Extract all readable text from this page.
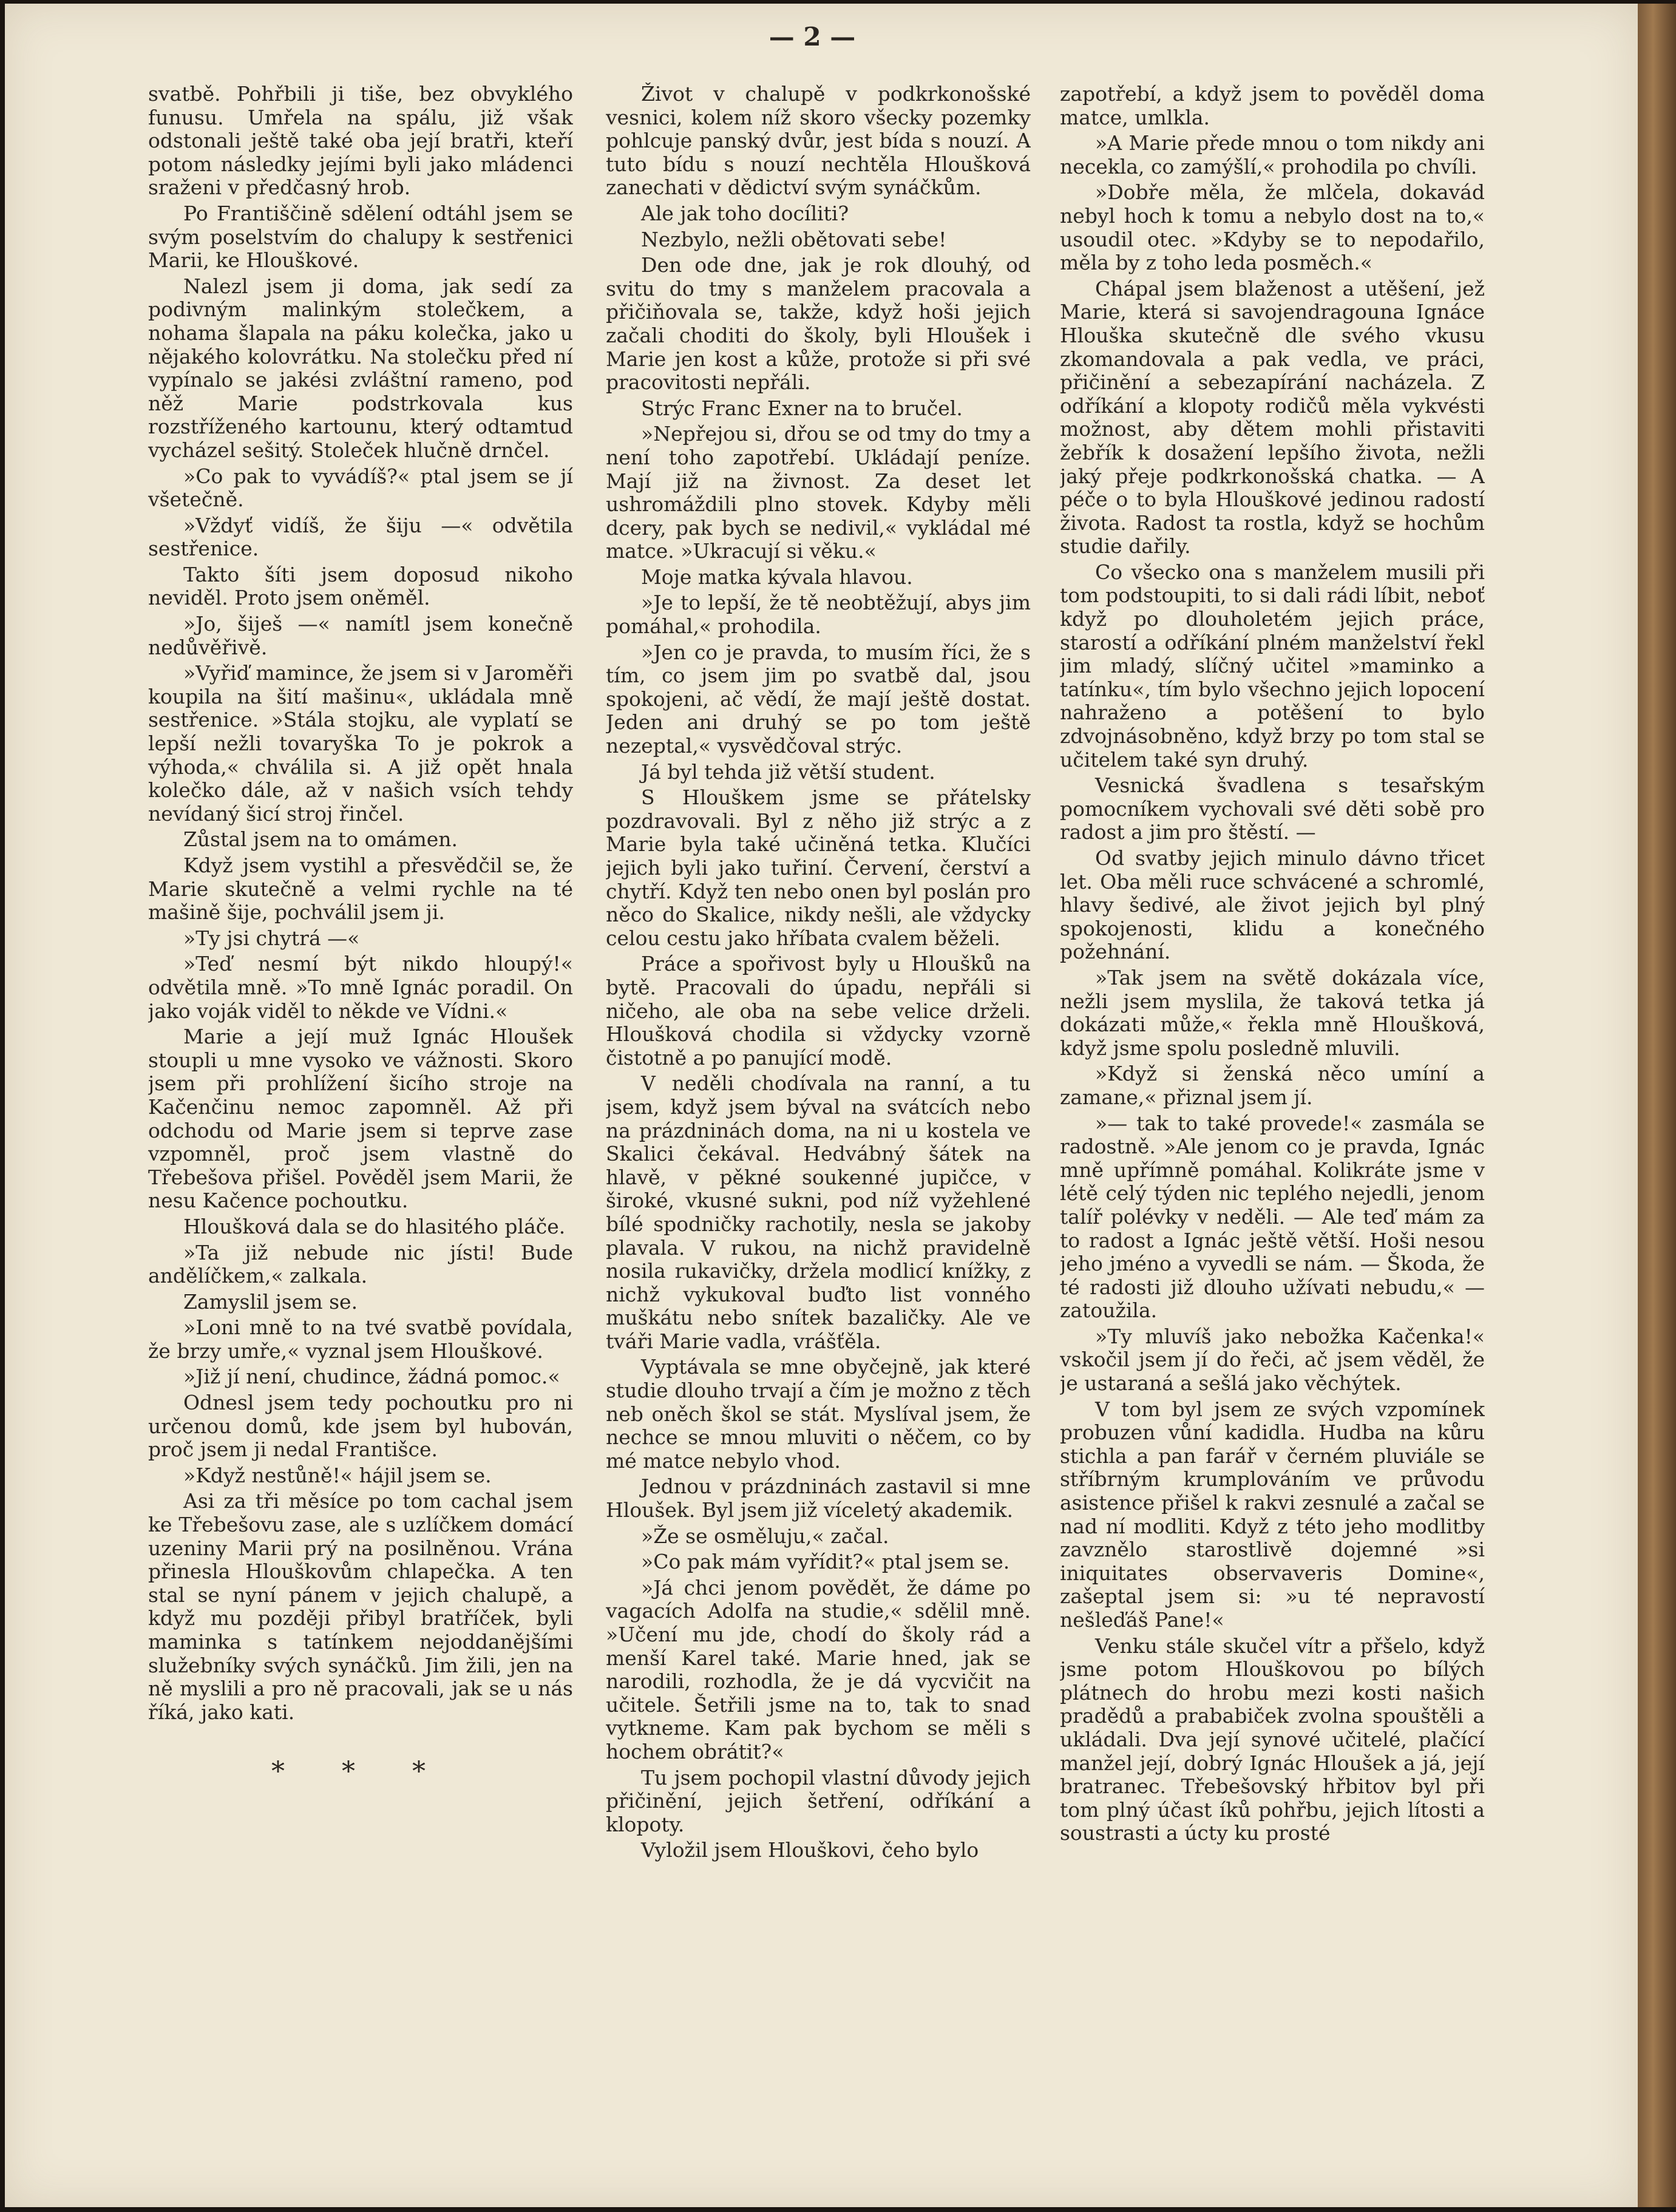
— 2 —

svatbě. Pohřbili ji tiše, bez obvyklého funusu. Umřela na spálu, již však odstonali ještě také oba její bratři, kteří potom následky jejími byli jako mládenci sraženi v předčasný hrob.

Po Františčině sdělení odtáhl jsem se svým poselstvím do chalupy k sestřenici Marii, ke Hlouškové.

Nalezl jsem ji doma, jak sedí za podivným malinkým stolečkem, a nohama šlapala na páku kolečka, jako u nějakého kolovrátku. Na stolečku před ní vypínalo se jakési zvláštní rameno, pod něž Marie podstrkovala kus rozstříženého kartounu, který odtamtud vycházel sešitý. Stoleček hlučně drnčel.

»Co pak to vyvádíš?« ptal jsem se jí všetečně.

»Vždyť vidíš, že šiju —« odvětila sestřenice.

Takto šíti jsem doposud nikoho neviděl. Proto jsem oněměl.

»Jo, šiješ —« namítl jsem konečně nedůvěřivě.

»Vyřiď mamince, že jsem si v Jaroměři koupila na šití mašinu«, ukládala mně sestřenice. »Stála stojku, ale vyplatí se lepší nežli tovaryška To je pokrok a výhoda,« chválila si. A již opět hnala kolečko dále, až v našich vsích tehdy nevídaný šicí stroj řinčel.

Zůstal jsem na to omámen.

Když jsem vystihl a přesvědčil se, že Marie skutečně a velmi rychle na té mašině šije, pochválil jsem ji.

»Ty jsi chytrá —«

»Teď nesmí být nikdo hloupý!« odvětila mně. »To mně Ignác poradil. On jako voják viděl to někde ve Vídni.«

Marie a její muž Ignác Hloušek stoupli u mne vysoko ve vážnosti. Skoro jsem při prohlížení šicího stroje na Kačenčinu nemoc zapomněl. Až při odchodu od Marie jsem si teprve zase vzpomněl, proč jsem vlastně do Třebešova přišel. Pověděl jsem Marii, že nesu Kačence pochoutku.

Hloušková dala se do hlasitého pláče.

»Ta již nebude nic jísti! Bude andělíčkem,« zalkala.

Zamyslil jsem se.

»Loni mně to na tvé svatbě povídala, že brzy umře,« vyznal jsem Hlouškové.

»Již jí není, chudince, žádná pomoc.«

Odnesl jsem tedy pochoutku pro ni určenou domů, kde jsem byl hubován, proč jsem ji nedal Františce.

»Když nestůně!« hájil jsem se.

Asi za tři měsíce po tom cachal jsem ke Třebešovu zase, ale s uzlíčkem domácí uzeniny Marii prý na posilněnou. Vrána přinesla Hlouškovům chlapečka. A ten stal se nyní pánem v jejich chalupě, a když mu později přibyl bratříček, byli maminka s tatínkem nejoddanějšími služebníky svých synáčků. Jim žili, jen na ně myslili a pro ně pracovali, jak se u nás říká, jako kati.

* * *

Život v chalupě v podkrkonošské vesnici, kolem níž skoro všecky pozemky pohlcuje panský dvůr, jest bída s nouzí. A tuto bídu s nouzí nechtěla Hloušková zanechati v dědictví svým synáčkům.

Ale jak toho docíliti?

Nezbylo, nežli obětovati sebe!

Den ode dne, jak je rok dlouhý, od svitu do tmy s manželem pracovala a přičiňovala se, takže, když hoši jejich začali choditi do školy, byli Hloušek i Marie jen kost a kůže, protože si při své pracovitosti nepřáli.

Strýc Franc Exner na to bručel.

»Nepřejou si, dřou se od tmy do tmy a není toho zapotřebí. Ukládají peníze. Mají již na živnost. Za deset let ushromáždili plno stovek. Kdyby měli dcery, pak bych se nedivil,« vykládal mé matce. »Ukracují si věku.«

Moje matka kývala hlavou.

»Je to lepší, že tě neobtěžují, abys jim pomáhal,« prohodila.

»Jen co je pravda, to musím říci, že s tím, co jsem jim po svatbě dal, jsou spokojeni, ač vědí, že mají ještě dostat. Jeden ani druhý se po tom ještě nezeptal,« vysvědčoval strýc.

Já byl tehda již větší student.

S Hlouškem jsme se přátelsky pozdravovali. Byl z něho již strýc a z Marie byla také učiněná tetka. Klučíci jejich byli jako tuřiní. Červení, čerství a chytří. Když ten nebo onen byl poslán pro něco do Skalice, nikdy nešli, ale vždycky celou cestu jako hříbata cvalem běželi.

Práce a spořivost byly u Hloušků na bytě. Pracovali do úpadu, nepřáli si ničeho, ale oba na sebe velice drželi. Hloušková chodila si vždycky vzorně čistotně a po panující modě.

V neděli chodívala na ranní, a tu jsem, když jsem býval na svátcích nebo na prázdninách doma, na ni u kostela ve Skalici čekával. Hedvábný šátek na hlavě, v pěkné soukenné jupičce, v široké, vkusné sukni, pod níž vyžehlené bílé spodničky rachotily, nesla se jakoby plavala. V rukou, na nichž pravidelně nosila rukavičky, držela modlicí knížky, z nichž vykukoval buďto list vonného muškátu nebo snítek bazaličky. Ale ve tváři Marie vadla, vrášťěla.

Vyptávala se mne obyčejně, jak které studie dlouho trvají a čím je možno z těch neb oněch škol se stát. Myslíval jsem, že nechce se mnou mluviti o něčem, co by mé matce nebylo vhod.

Jednou v prázdninách zastavil si mne Hloušek. Byl jsem již víceletý akademik.

»Že se osměluju,« začal.

»Co pak mám vyřídit?« ptal jsem se.

»Já chci jenom povědět, že dáme po vagacích Adolfa na studie,« sdělil mně. »Učení mu jde, chodí do školy rád a menší Karel také. Marie hned, jak se narodili, rozhodla, že je dá vycvičit na učitele. Šetřili jsme na to, tak to snad vytkneme. Kam pak bychom se měli s hochem obrátit?«

Tu jsem pochopil vlastní důvody jejich přičinění, jejich šetření, odříkání a klopoty.

Vyložil jsem Hlouškovi, čeho bylo

zapotřebí, a když jsem to pověděl doma matce, umlkla.

»A Marie přede mnou o tom nikdy ani necekla, co zamýšlí,« prohodila po chvíli.

»Dobře měla, že mlčela, dokavád nebyl hoch k tomu a nebylo dost na to,« usoudil otec. »Kdyby se to nepodařilo, měla by z toho leda posměch.«

Chápal jsem blaženost a utěšení, jež Marie, která si savojendragouna Ignáce Hlouška skutečně dle svého vkusu zkomandovala a pak vedla, ve práci, přičinění a sebezapírání nacházela. Z odříkání a klopoty rodičů měla vykvésti možnost, aby dětem mohli přistaviti žebřík k dosažení lepšího života, nežli jaký přeje podkrkonošská chatka. — A péče o to byla Hlouškové jedinou radostí života. Radost ta rostla, když se hochům studie dařily.

Co všecko ona s manželem musili při tom podstoupiti, to si dali rádi líbit, neboť když po dlouholetém jejich práce, starostí a odříkání plném manželství řekl jim mladý, slíčný učitel »maminko a tatínku«, tím bylo všechno jejich lopocení nahraženo a potěšení to bylo zdvojnásobněno, když brzy po tom stal se učitelem také syn druhý.

Vesnická švadlena s tesařským pomocníkem vychovali své děti sobě pro radost a jim pro štěstí. —

Od svatby jejich minulo dávno třicet let. Oba měli ruce schvácené a schromlé, hlavy šedivé, ale život jejich byl plný spokojenosti, klidu a konečného požehnání.

»Tak jsem na světě dokázala více, nežli jsem myslila, že taková tetka já dokázati může,« řekla mně Hloušková, když jsme spolu posledně mluvili.

»Když si ženská něco umíní a zamane,« přiznal jsem jí.

»— tak to také provede!« zasmála se radostně. »Ale jenom co je pravda, Ignác mně upřímně pomáhal. Kolikráte jsme v létě celý týden nic teplého nejedli, jenom talíř polévky v neděli. — Ale teď mám za to radost a Ignác ještě větší. Hoši nesou jeho jméno a vyvedli se nám. — Škoda, že té radosti již dlouho užívati nebudu,« — zatoužila.

»Ty mluvíš jako nebožka Kačenka!« vskočil jsem jí do řeči, ač jsem věděl, že je ustaraná a sešlá jako věchýtek.

V tom byl jsem ze svých vzpomínek probuzen vůní kadidla. Hudba na kůru stichla a pan farář v černém pluviále se stříbrným krumplováním ve průvodu asistence přišel k rakvi zesnulé a začal se nad ní modliti. Když z této jeho modlitby zavznělo starostlivě dojemné »si iniquitates observaveris Domine«, zašeptal jsem si: »u té nepravostí nešleďáš Pane!«

Venku stále skučel vítr a přšelo, když jsme potom Hlouškovou po bílých plátnech do hrobu mezi kosti našich pradědů a prababiček zvolna spouštěli a ukládali. Dva její synové učitelé, plačící manžel její, dobrý Ignác Hloušek a já, její bratranec. Třebešovský hřbitov byl při tom plný účast íků pohřbu, jejich lítosti a soustrasti a úcty ku prosté
